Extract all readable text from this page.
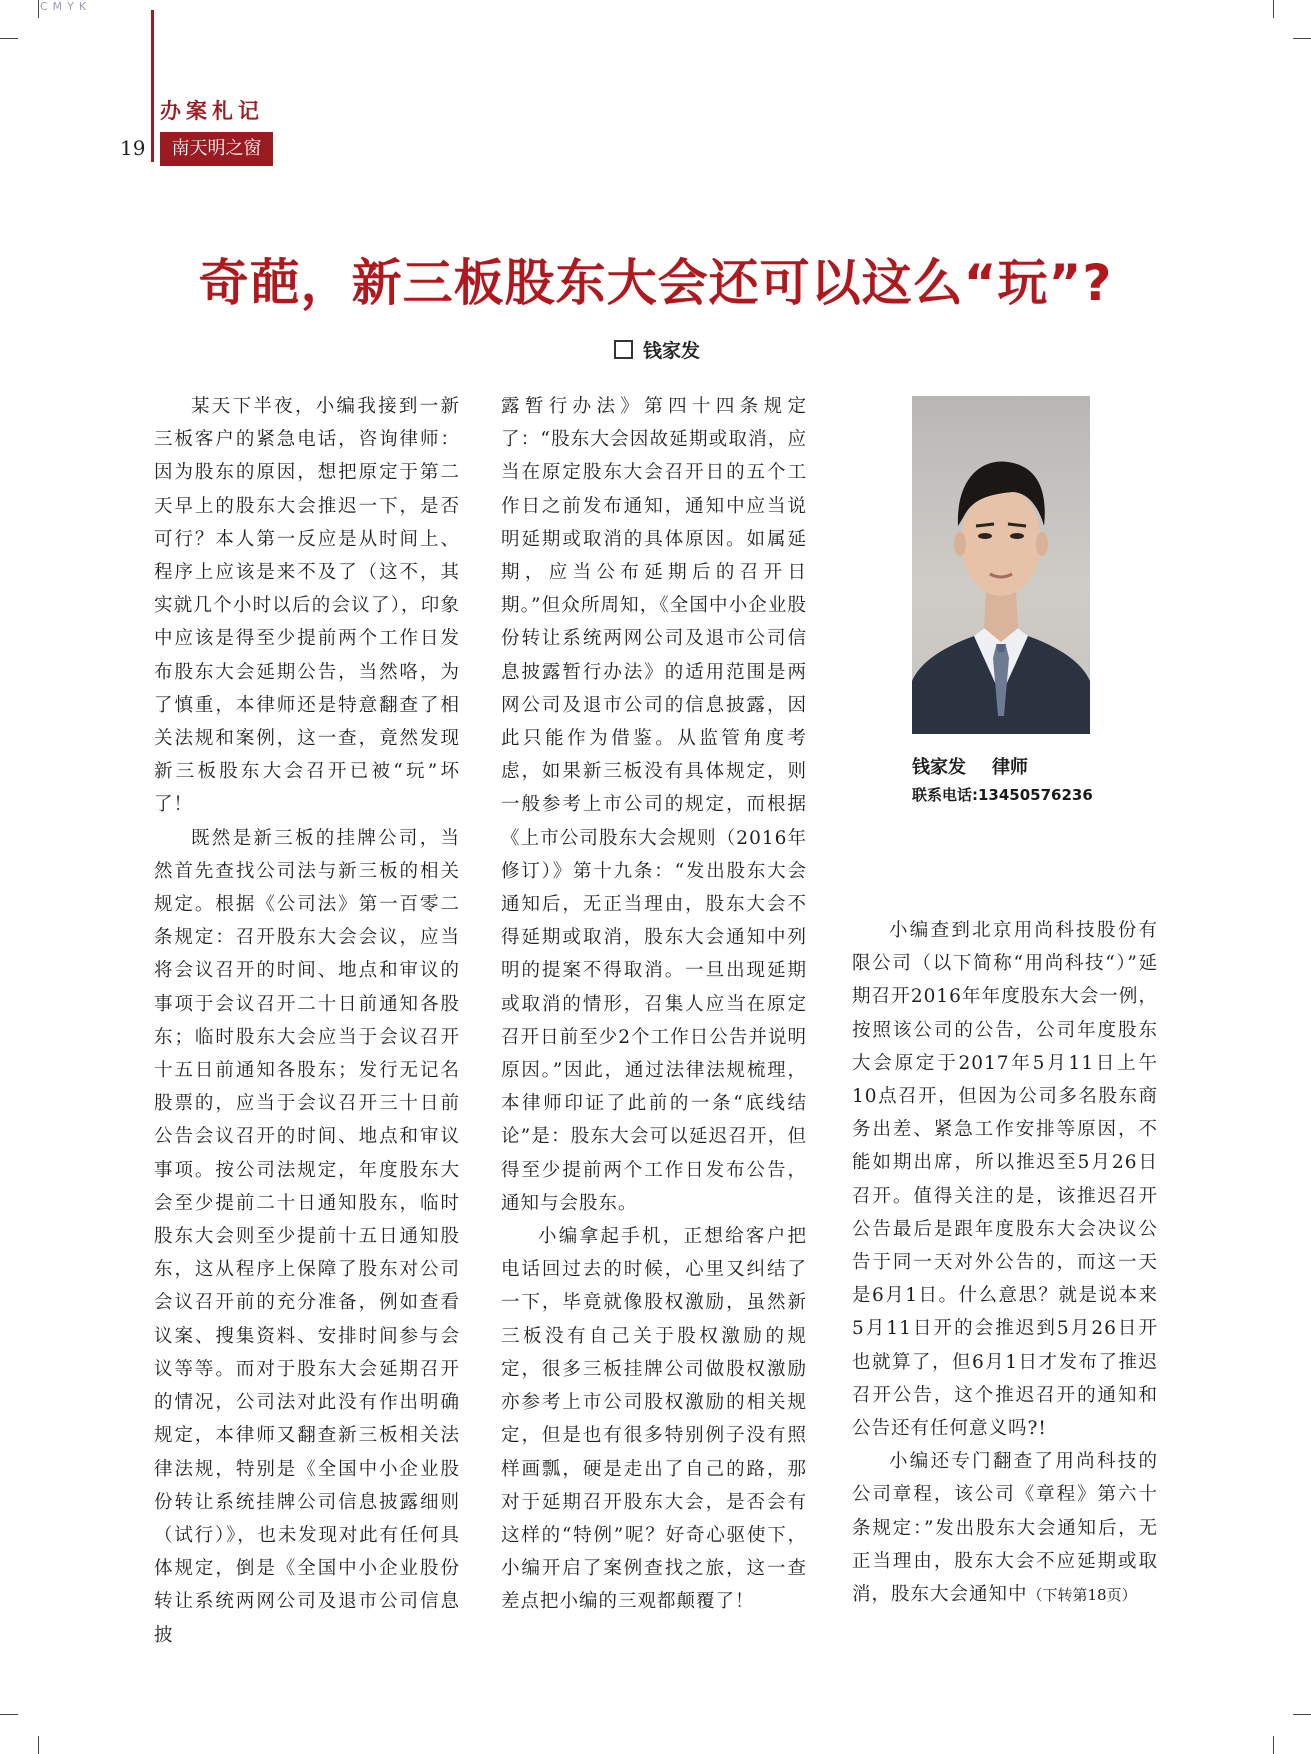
CMYK
办案札记
19	南天明之窗
奇葩，新三板股东大会还可以这么“玩”?
钱家发

某天下半夜，小编我接到一新三板客户的紧急电话，咨询律师：因为股东的原因，想把原定于第二天早上的股东大会推迟一下，是否可行？本人第一反应是从时间上、程序上应该是来不及了（这不，其实就几个小时以后的会议了），印象中应该是得至少提前两个工作日发布股东大会延期公告，当然咯，为了慎重，本律师还是特意翻查了相关法规和案例，这一查，竟然发现新三板股东大会召开已被“玩”坏了！

既然是新三板的挂牌公司，当然首先查找公司法与新三板的相关规定。根据《公司法》第一百零二条规定：召开股东大会会议，应当将会议召开的时间、地点和审议的事项于会议召开二十日前通知各股东；临时股东大会应当于会议召开十五日前通知各股东；发行无记名股票的，应当于会议召开三十日前公告会议召开的时间、地点和审议事项。按公司法规定，年度股东大会至少提前二十日通知股东，临时股东大会则至少提前十五日通知股东，这从程序上保障了股东对公司会议召开前的充分准备，例如查看议案、搜集资料、安排时间参与会议等等。而对于股东大会延期召开的情况，公司法对此没有作出明确规定，本律师又翻查新三板相关法律法规，特别是《全国中小企业股份转让系统挂牌公司信息披露细则（试行）》，也未发现对此有任何具体规定，倒是《全国中小企业股份转让系统两网公司及退市公司信息披

露暂行办法》第四十四条规定了：“股东大会因故延期或取消，应当在原定股东大会召开日的五个工作日之前发布通知，通知中应当说明延期或取消的具体原因。如属延期，应当公布延期后的召开日期。”但众所周知，《全国中小企业股份转让系统两网公司及退市公司信息披露暂行办法》的适用范围是两网公司及退市公司的信息披露，因此只能作为借鉴。从监管角度考虑，如果新三板没有具体规定，则一般参考上市公司的规定，而根据《上市公司股东大会规则（2016年修订）》第十九条：“发出股东大会通知后，无正当理由，股东大会不得延期或取消，股东大会通知中列明的提案不得取消。一旦出现延期或取消的情形，召集人应当在原定召开日前至少2个工作日公告并说明原因。”因此，通过法律法规梳理，本律师印证了此前的一条“底线结论”是：股东大会可以延迟召开，但得至少提前两个工作日发布公告，通知与会股东。

小编拿起手机，正想给客户把电话回过去的时候，心里又纠结了一下，毕竟就像股权激励，虽然新三板没有自己关于股权激励的规定，很多三板挂牌公司做股权激励亦参考上市公司股权激励的相关规定，但是也有很多特别例子没有照样画瓢，硬是走出了自己的路，那对于延期召开股东大会，是否会有这样的“特例”呢？好奇心驱使下，小编开启了案例查找之旅，这一查差点把小编的三观都颠覆了！

钱家发 律师
联系电话:13450576236

小编查到北京用尚科技股份有限公司（以下简称“用尚科技“）”延期召开2016年年度股东大会一例，按照该公司的公告，公司年度股东大会原定于2017年5月11日上午10点召开，但因为公司多名股东商务出差、紧急工作安排等原因，不能如期出席，所以推迟至5月26日召开。值得关注的是，该推迟召开公告最后是跟年度股东大会决议公告于同一天对外公告的，而这一天是6月1日。什么意思？就是说本来5月11日开的会推迟到5月26日开也就算了，但6月1日才发布了推迟召开公告，这个推迟召开的通知和公告还有任何意义吗?!

小编还专门翻查了用尚科技的公司章程，该公司《章程》第六十条规定：”发出股东大会通知后，无正当理由，股东大会不应延期或取消，股东大会通知中（下转第18页）
